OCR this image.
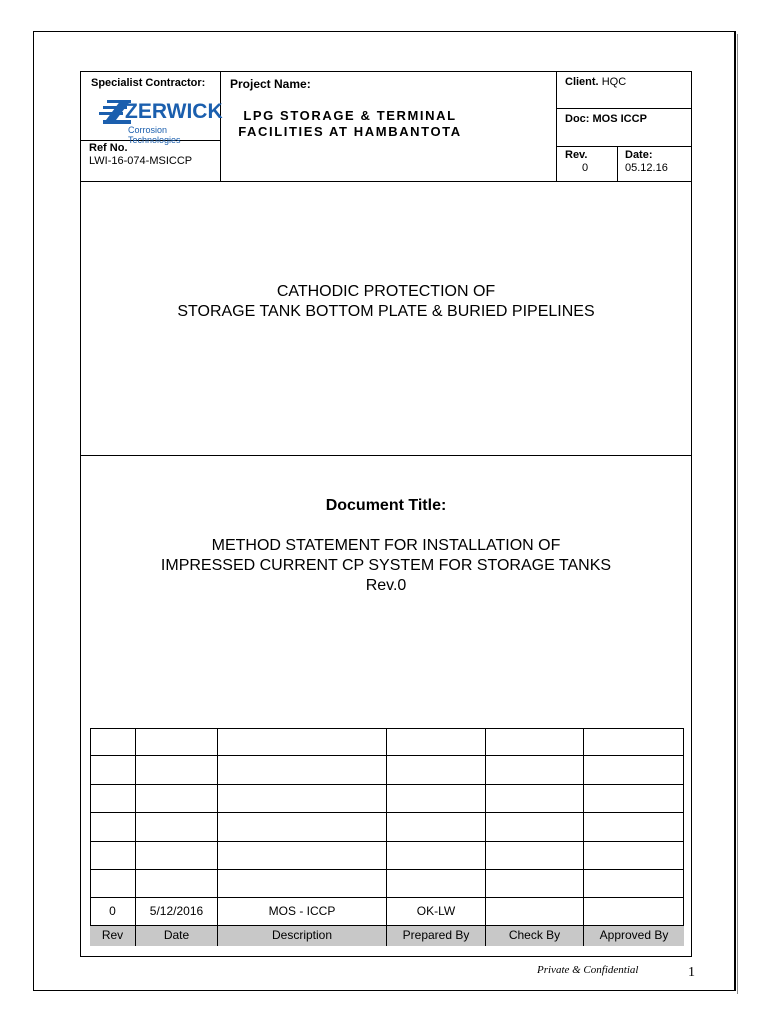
Specialist Contractor:
ZERWICK
Corrosion Technologies
Ref No.
LWI-16-074-MSICCP
Project Name:
LPG STORAGE & TERMINAL
FACILITIES AT HAMBANTOTA
Client. HQC
Doc: MOS ICCP
Rev.
0
Date:
05.12.16
CATHODIC PROTECTION OF
STORAGE TANK BOTTOM PLATE & BURIED PIPELINES
Document Title:
METHOD STATEMENT FOR INSTALLATION OF
IMPRESSED CURRENT CP SYSTEM FOR STORAGE TANKS
Rev.0
0	5/12/2016	MOS - ICCP	OK-LW
Rev	Date	Description	Prepared By	Check By	Approved By
Private & Confidential	1
